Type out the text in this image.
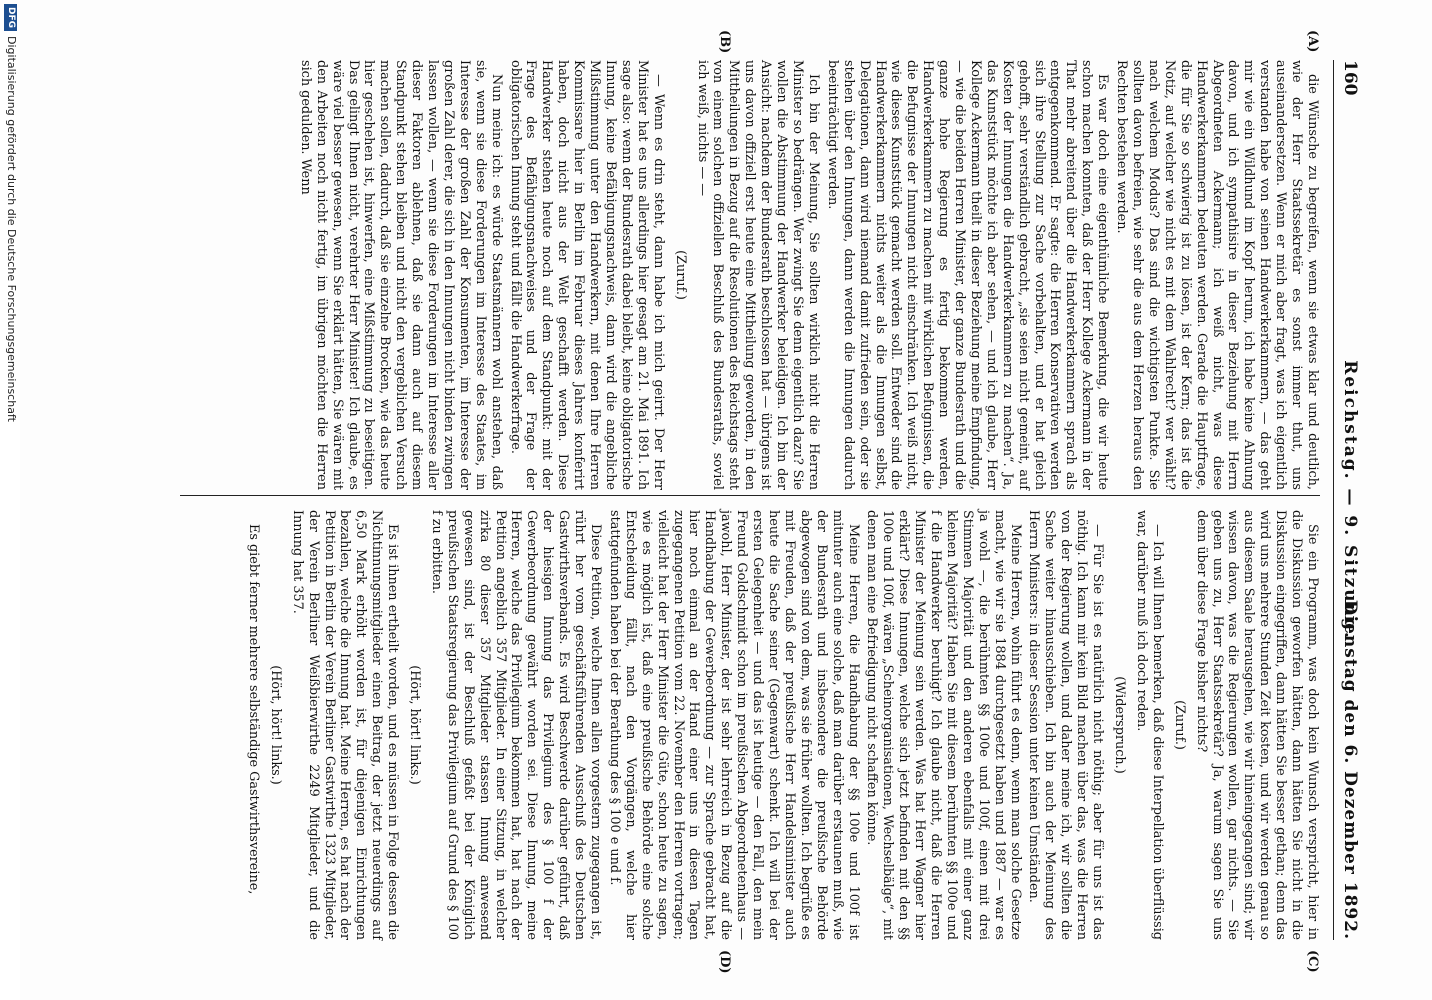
160
Reichstag. — 9. Sitzung.
Dienstag den 6. Dezember 1892.
(A)
(B)
(C)
(D)

die Wünsche zu begreifen, wenn sie etwas klar und deutlich, wie der Herr Staatssekretär es sonst immer thut, uns auseinandersetzen. Wenn er mich aber fragt, was ich eigentlich verstanden habe von seinen Handwerkerkammern, — das geht mir wie ein Wildhund im Kopf herum, ich habe keine Ahnung davon, und ich sympathisire in dieser Beziehung mit Herrn Abgeordneten Ackermann; ich weiß nicht, was diese Handwerkerkammern bedeuten werden. Gerade die Hauptfrage, die für Sie so schwierig ist zu lösen, ist der Kern; das ist die Notiz, auf welcher wie nicht es mit dem Wahlrecht? wer wählt? nach welchem Modus? Das sind die wichtigsten Punkte. Sie sollten davon befreien, wie sehr die aus dem Herzen heraus den Rechten bestehen werden.

Es war doch eine eigenthümliche Bemerkung, die wir heute schon machen konnten, daß der Herr Kollege Ackermann in der That mehr abreitend über die Handwerkerkammern sprach als entgegenkommend. Er sagte: die Herren Konservativen werden sich ihre Stellung zur Sache vorbehalten, und er hat gleich gehofft, sehr verständlich gebracht, „sie seien nicht gemeint, auf Kosten der Innungen die Handwerkerkammern zu machen“. Ja, das Kunststück möchte ich aber sehen, — und ich glaube, Herr Kollege Ackermann theilt in dieser Beziehung meine Empfindung, — wie die beiden Herren Minister, der ganze Bundesrath und die ganze hohe Regierung es fertig bekommen werden, Handwerkerkammern zu machen mit wirklichen Befugnissen, die die Befugnisse der Innungen nicht einschränken. Ich weiß nicht, wie dieses Kunststück gemacht werden soll. Entweder sind die Handwerkerkammern nichts weiter als die Innungen selbst, Delegationen, dann wird niemand damit zufrieden sein, oder sie stehen über den Innungen, dann werden die Innungen dadurch beeinträchtigt werden.

Ich bin der Meinung, Sie sollten wirklich nicht die Herren Minister so bedrängen. Wer zwingt Sie denn eigentlich dazu? Sie wollen die Abstimmung der Handwerker beleidigen. Ich bin der Ansicht: nachdem der Bundesrath beschlossen hat — übrigens ist uns davon offiziell erst heute eine Mittheilung geworden, in den Mittheilungen in Bezug auf die Resolutionen des Reichstags steht von einem solchen offiziellen Beschluß des Bundesraths, soviel ich weiß, nichts — —

(Zuruf.)

— Wenn es drin steht, dann habe ich mich geirrt. Der Herr Minister hat es uns allerdings hier gesagt am 21. Mai 1891. Ich sage also: wenn der Bundesrath dabei bleibt, keine obligatorische Innung, keine Befähigungsnachweis, dann wird die angebliche Mißstimmung unter den Handwerkern, mit denen Ihre Herren Kommissare hier in Berlin im Februar dieses Jahres konferirt haben, doch nicht aus der Welt geschafft werden. Diese Handwerker stehen heute noch auf dem Standpunkt: mit der Frage des Befähigungsnachweises und der Frage der obligatorischen Innung steht und fällt die Handwerkerfrage.

Nun meine ich: es würde Staatsmännern wohl anstehen, daß sie, wenn sie diese Forderungen im Interesse des Staates, im Interesse der großen Zahl der Konsumenten, im Interesse der großen Zahl derer, die sich in den Innungen nicht binden zwingen lassen wollen, — wenn sie diese Forderungen im Interesse aller dieser Faktoren ablehnen, daß sie dann auch auf diesem Standpunkt stehen bleiben und nicht den vergeblichen Versuch machen sollen, dadurch, daß sie einzelne Brocken, wie das heute hier geschehen ist, hinwerfen, eine Mißstimmung zu beseitigen. Das gelingt Ihnen nicht, verehrter Herr Minister! Ich glaube, es wäre viel besser gewesen, wenn Sie erklärt hätten, Sie wären mit den Arbeiten noch nicht fertig, im übrigen möchten die Herren sich gedulden. Wenn

Sie ein Programm, was doch kein Wunsch verspricht, hier in die Diskussion geworfen hätten, dann hätten Sie nicht in die Diskussion eingegriffen, dann hätten Sie besser gethan; denn das wird uns mehrere Stunden Zeit kosten, und wir werden genau so aus diesem Saale herausgehen, wie wir hineingegangen sind; wir wissen davon, was die Regierungen wollen, gar nichts. — Sie geben uns zu, Herr Staatssekretär? Ja, warum sagen Sie uns denn über diese Frage bisher nichts?

(Zuruf.)

— Ich will Ihnen bemerken, daß diese Interpellation überflüssig war, darüber muß ich doch reden.

(Widerspruch.)

— Für Sie ist es natürlich nicht nöthig; aber für uns ist das nöthig. Ich kann mir kein Bild machen über das, was die Herren von der Regierung wollen, und daher meine ich, wir sollten die Sache weiter hinausschieben. Ich bin auch der Meinung des Herrn Ministers: in dieser Session unter keinen Umständen.

Meine Herren, wohin führt es denn, wenn man solche Gesetze macht, wie wir sie 1884 durchgesetzt haben und 1887 — war es ja wohl —, die berühmten §§ 100e und 100f, einen mit drei Stimmen Majorität und den anderen ebenfalls mit einer ganz kleinen Majorität? Haben Sie mit diesem berühmten §§ 100e und f die Handwerker beruhigt? Ich glaube nicht, daß die Herren Minister der Meinung sein werden. Was hat Herr Wagner hier erklärt? Diese Innungen, welche sich jetzt befinden mit den §§ 100e und 100f, wären „Scheinorganisationen, Wechselbälge“, mit denen man eine Befriedigung nicht schaffen könne.

Meine Herren, die Handhabung der §§ 100e und 100f ist mitunter auch eine solche, daß man darüber erstaunen muß, wie der Bundesrath und insbesondere die preußische Behörde abgewogen sind von dem, was sie früher wollten. Ich begrüße es mit Freuden, daß der preußische Herr Handelsminister auch heute die Sache seiner (Gegenwart) schenkt. Ich will bei der ersten Gelegenheit — und das ist heutige — den Fall, den mein Freund Goldschmidt schon im preußischen Abgeordnetenhaus — jawohl, Herr Minister, der ist sehr lehrreich in Bezug auf die Handhabung der Gewerbeordnung — zur Sprache gebracht hat, hier noch einmal an der Hand einer uns in diesen Tagen zugegangenen Petition vom 22. November den Herren vortragen; vielleicht hat der Herr Minister die Güte, schon heute zu sagen, wie es möglich ist, daß eine preußische Behörde eine solche Entscheidung fällt, nach den Vorgängen, welche hier stattgefunden haben bei der Berathung des § 100 e und f.

Diese Petition, welche Ihnen allen vorgestern zugegangen ist, rührt her vom geschäftsführenden Ausschuß des Deutschen Gastwirthsverbands. Es wird Beschwerde darüber geführt, daß der hiesigen Innung das Privilegium des § 100 f der Gewerbeordnung gewährt worden sei. Diese Innung, meine Herren, welche das Privilegium bekommen hat, hat nach der Petition angeblich 357 Mitglieder. In einer Sitzung, in welcher zirka 80 dieser 357 Mitglieder stassen Innung anwesend gewesen sind, ist der Beschluß gefaßt bei der Königlich preußischen Staatsregierung das Privilegium auf Grund des § 100 f zu erbitten.

(Hört, hört! links.)

Es ist ihnen ertheilt worden, und es müssen in Folge dessen die Nichtinnungsmitglieder einen Beitrag, der jetzt neuerdings auf 6,50 Mark erhöht worden ist, für diejenigen Einrichtungen bezahlen, welche die Innung hat. Meine Herren, es hat nach der Petition in Berlin der Verein Berliner Gastwirthe 1323 Mitglieder, der Verein Berliner Weißbierwirthe 2249 Mitglieder, und die Innung hat 357.

(Hört, hört! links.)

Es giebt ferner mehrere selbständige Gastwirthsvereine,

DFG
Digitalisierung gefördert durch die Deutsche Forschungsgemeinschaft
